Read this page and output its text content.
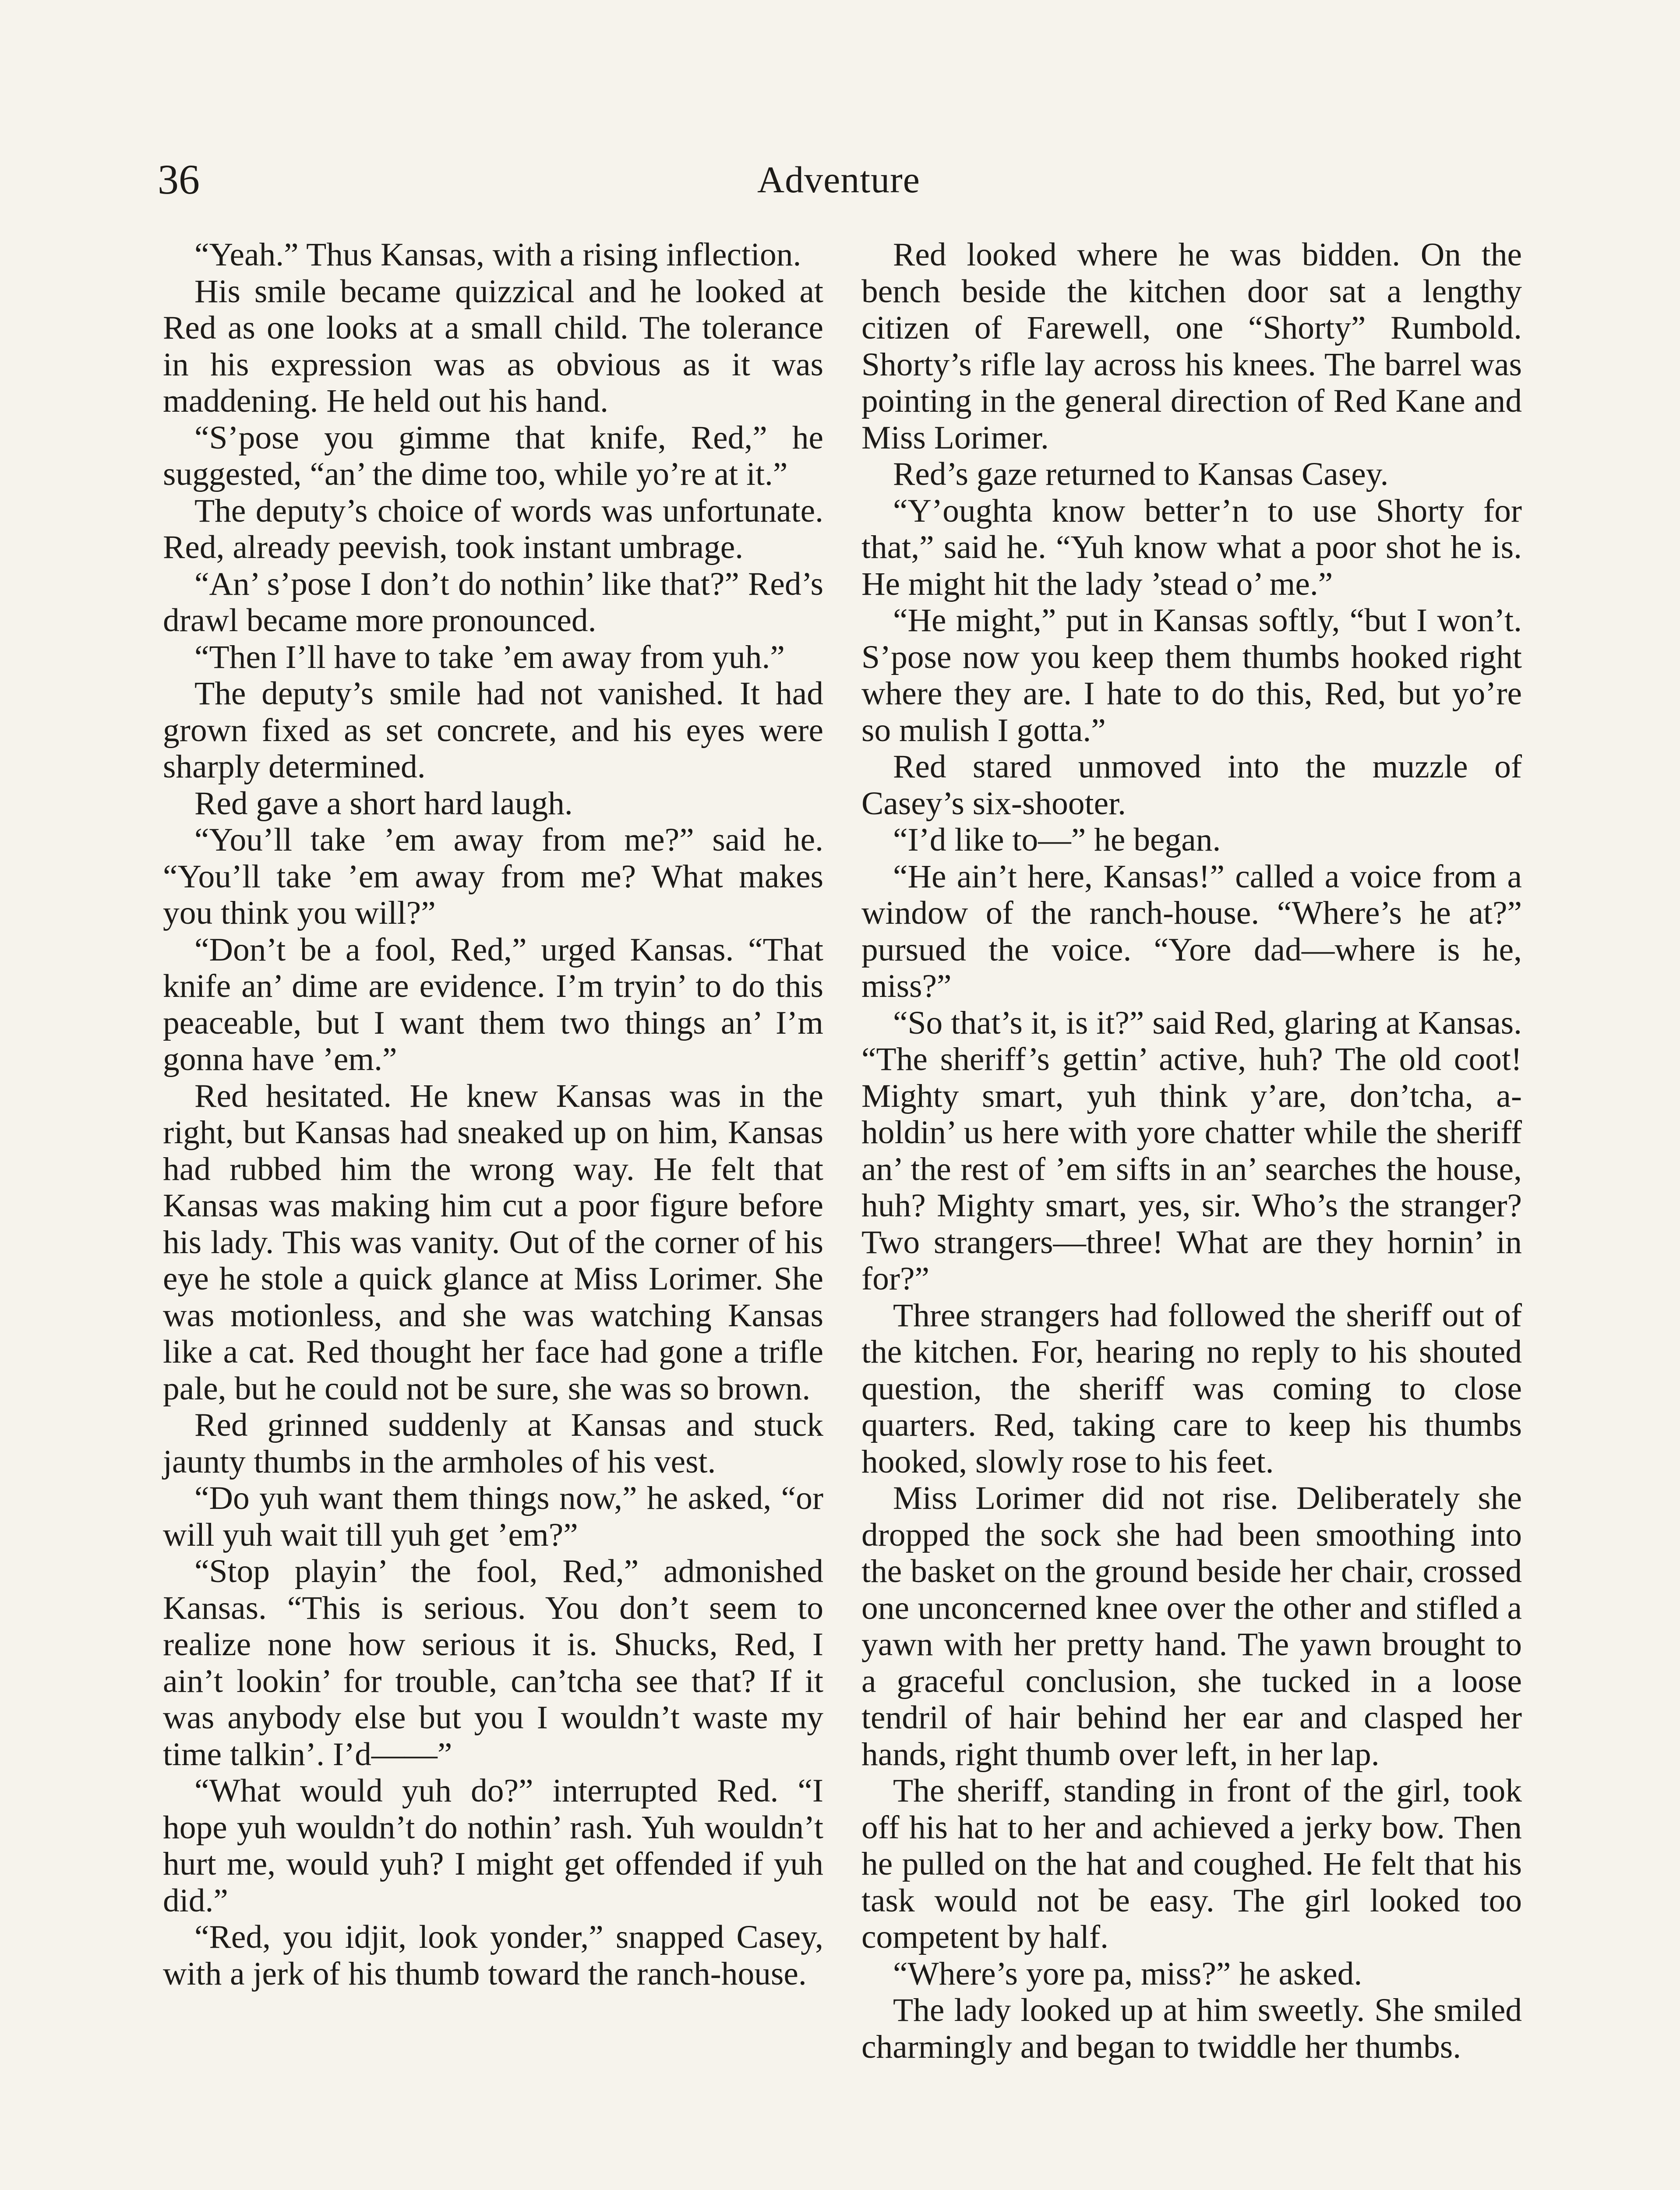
36	Adventure

“Yeah.” Thus Kansas, with a rising inflection.

His smile became quizzical and he looked at Red as one looks at a small child. The tolerance in his expression was as obvious as it was maddening. He held out his hand.

“S’pose you gimme that knife, Red,” he suggested, “an’ the dime too, while yo’re at it.”

The deputy’s choice of words was unfortunate. Red, already peevish, took instant umbrage.

“An’ s’pose I don’t do nothin’ like that?” Red’s drawl became more pronounced.

“Then I’ll have to take ’em away from yuh.”

The deputy’s smile had not vanished. It had grown fixed as set concrete, and his eyes were sharply determined.

Red gave a short hard laugh.

“You’ll take ’em away from me?” said he. “You’ll take ’em away from me? What makes you think you will?”

“Don’t be a fool, Red,” urged Kansas. “That knife an’ dime are evidence. I’m tryin’ to do this peaceable, but I want them two things an’ I’m gonna have ’em.”

Red hesitated. He knew Kansas was in the right, but Kansas had sneaked up on him, Kansas had rubbed him the wrong way. He felt that Kansas was making him cut a poor figure before his lady. This was vanity. Out of the corner of his eye he stole a quick glance at Miss Lorimer. She was motionless, and she was watching Kansas like a cat. Red thought her face had gone a trifle pale, but he could not be sure, she was so brown.

Red grinned suddenly at Kansas and stuck jaunty thumbs in the armholes of his vest.

“Do yuh want them things now,” he asked, “or will yuh wait till yuh get ’em?”

“Stop playin’ the fool, Red,” admonished Kansas. “This is serious. You don’t seem to realize none how serious it is. Shucks, Red, I ain’t lookin’ for trouble, can’tcha see that? If it was anybody else but you I wouldn’t waste my time talkin’. I’d——”

“What would yuh do?” interrupted Red. “I hope yuh wouldn’t do nothin’ rash. Yuh wouldn’t hurt me, would yuh? I might get offended if yuh did.”

“Red, you idjit, look yonder,” snapped Casey, with a jerk of his thumb toward the ranch-house.

Red looked where he was bidden. On the bench beside the kitchen door sat a lengthy citizen of Farewell, one “Shorty” Rumbold. Shorty’s rifle lay across his knees. The barrel was pointing in the general direction of Red Kane and Miss Lorimer.

Red’s gaze returned to Kansas Casey.

“Y’oughta know better’n to use Shorty for that,” said he. “Yuh know what a poor shot he is. He might hit the lady ’stead o’ me.”

“He might,” put in Kansas softly, “but I won’t. S’pose now you keep them thumbs hooked right where they are. I hate to do this, Red, but yo’re so mulish I gotta.”

Red stared unmoved into the muzzle of Casey’s six-shooter.

“I’d like to—” he began.

“He ain’t here, Kansas!” called a voice from a window of the ranch-house. “Where’s he at?” pursued the voice. “Yore dad—where is he, miss?”

“So that’s it, is it?” said Red, glaring at Kansas. “The sheriff’s gettin’ active, huh? The old coot! Mighty smart, yuh think y’are, don’tcha, a-holdin’ us here with yore chatter while the sheriff an’ the rest of ’em sifts in an’ searches the house, huh? Mighty smart, yes, sir. Who’s the stranger? Two strangers—three! What are they hornin’ in for?”

Three strangers had followed the sheriff out of the kitchen. For, hearing no reply to his shouted question, the sheriff was coming to close quarters. Red, taking care to keep his thumbs hooked, slowly rose to his feet.

Miss Lorimer did not rise. Deliberately she dropped the sock she had been smoothing into the basket on the ground beside her chair, crossed one unconcerned knee over the other and stifled a yawn with her pretty hand. The yawn brought to a graceful conclusion, she tucked in a loose tendril of hair behind her ear and clasped her hands, right thumb over left, in her lap.

The sheriff, standing in front of the girl, took off his hat to her and achieved a jerky bow. Then he pulled on the hat and coughed. He felt that his task would not be easy. The girl looked too competent by half.

“Where’s yore pa, miss?” he asked.

The lady looked up at him sweetly. She smiled charmingly and began to twiddle her thumbs.
